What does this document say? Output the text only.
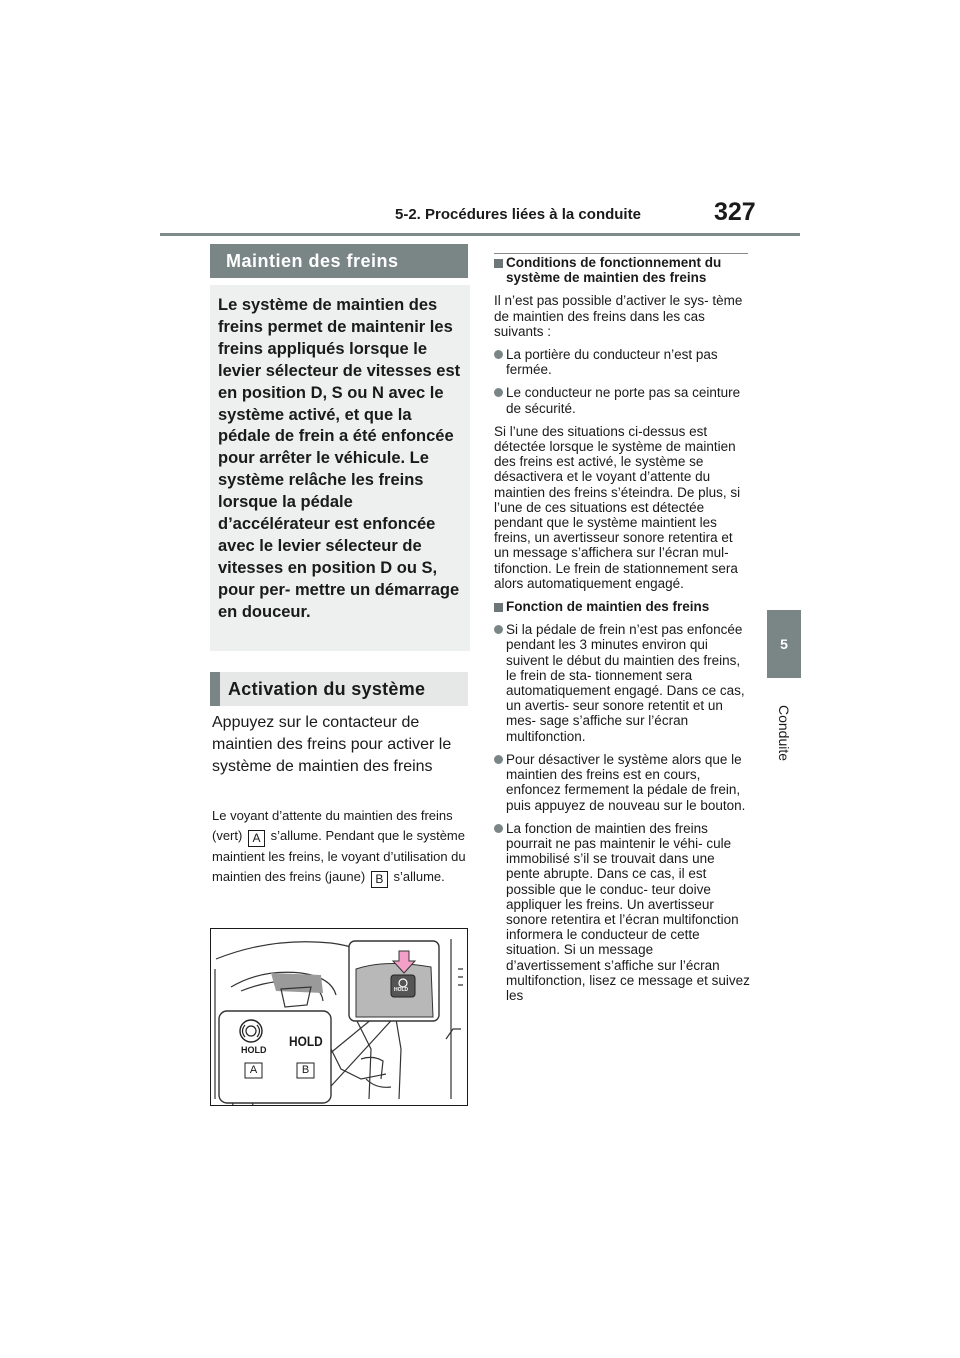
5-2. Procédures liées à la conduite	327
5
Conduite
Maintien des freins

Le système de maintien des freins permet de maintenir les freins appliqués lorsque le levier sélecteur de vitesses est en position D, S ou N avec le système activé, et que la pédale de frein a été enfoncée pour arrêter le véhicule. Le système relâche les freins lorsque la pédale d’accélérateur est enfoncée avec le levier sélecteur de vitesses en position D ou S, pour per- mettre un démarrage en douceur.

Activation du système
Appuyez sur le contacteur de maintien des freins pour activer le système de maintien des freins
Le voyant d’attente du maintien des freins (vert) A s’allume. Pendant que le système maintient les freins, le voyant d’utilisation du maintien des freins (jaune) B s’allume.
HOLD
HOLD
HOLD
A	B
Conditions de fonctionnement du système de maintien des freins
Il n’est pas possible d’activer le sys- tème de maintien des freins dans les cas suivants :
La portière du conducteur n’est pas fermée.
Le conducteur ne porte pas sa ceinture de sécurité.
Si l’une des situations ci-dessus est détectée lorsque le système de maintien des freins est activé, le système se désactivera et le voyant d’attente du maintien des freins s’éteindra. De plus, si l’une de ces situations est détectée pendant que le système maintient les freins, un avertisseur sonore retentira et un message s’affichera sur l’écran mul- tifonction. Le frein de stationnement sera alors automatiquement engagé.
Fonction de maintien des freins
Si la pédale de frein n’est pas enfoncée pendant les 3 minutes environ qui suivent le début du maintien des freins, le frein de sta- tionnement sera automatiquement engagé. Dans ce cas, un avertis- seur sonore retentit et un mes- sage s’affiche sur l’écran multifonction.
Pour désactiver le système alors que le maintien des freins est en cours, enfoncez fermement la pédale de frein, puis appuyez de nouveau sur le bouton.
La fonction de maintien des freins pourrait ne pas maintenir le véhi- cule immobilisé s’il se trouvait dans une pente abrupte. Dans ce cas, il est possible que le conduc- teur doive appliquer les freins. Un avertisseur sonore retentira et l’écran multifonction informera le conducteur de cette situation. Si un message d’avertissement s’affiche sur l’écran multifonction, lisez ce message et suivez les
